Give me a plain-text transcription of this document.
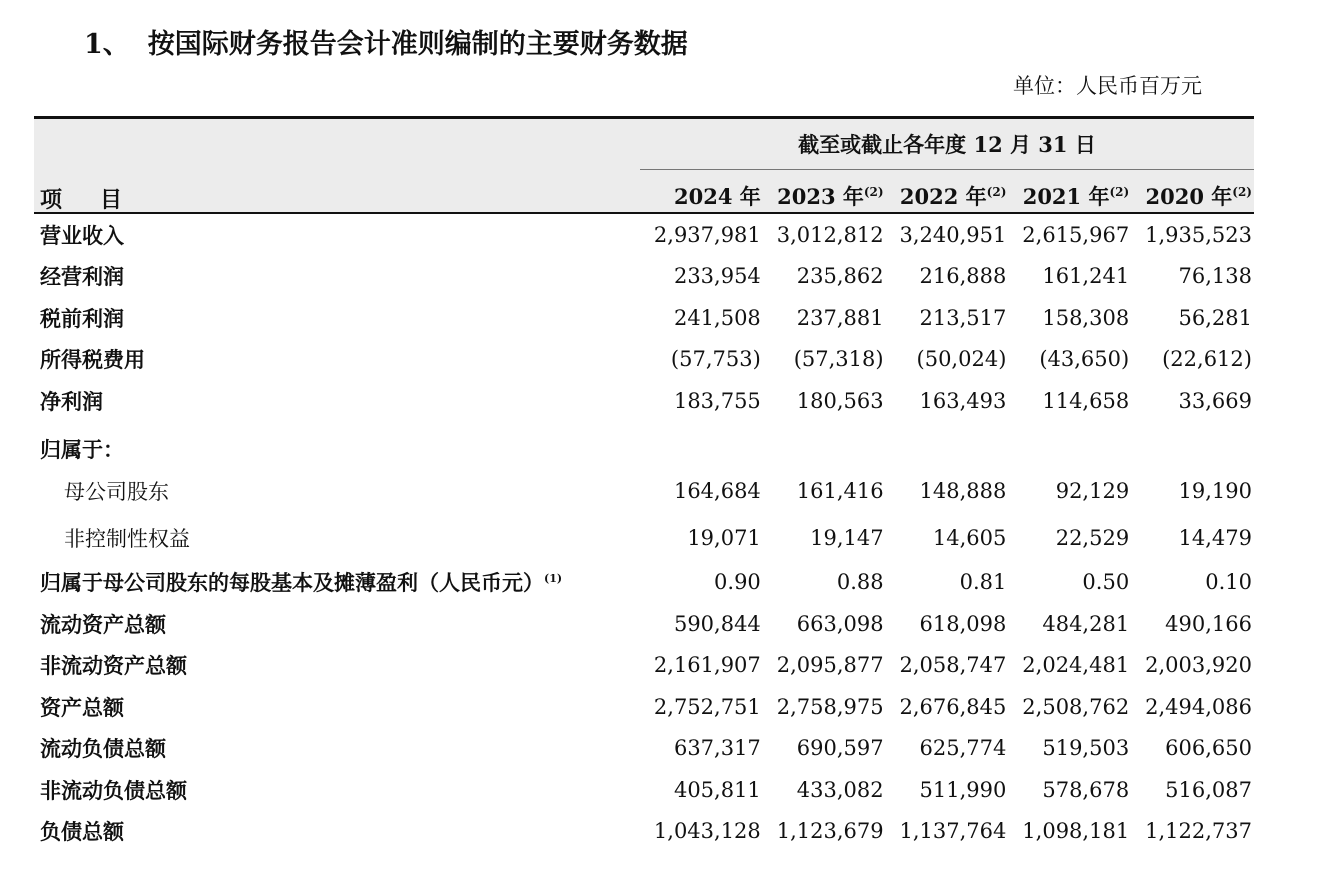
1、 按国际财务报告会计准则编制的主要财务数据
单位：人民币百万元
截至或截止各年度 12 月 31 日
项目	2024 年 2023 年$^{(2)}$ 2022 年$^{(2)}$ 2021 年$^{(2)}$ 2020 年$^{(2)}$
营业收入	2,937,981 3,012,812 3,240,951 2,615,967 1,935,523
经营利润	233,954	235,862	216,888	161,241	76,138
税前利润	241,508	237,881	213,517	158,308	56,281
所得税费用	(57,753)	(57,318)	(50,024)	(43,650)	(22,612)
净利润	183,755	180,563	163,493	114,658	33,669
归属于：
母公司股东	164,684	161,416	148,888	92,129	19,190
非控制性权益	19,071	19,147	14,605	22,529	14,479
归属于母公司股东的每股基本及摊薄盈利（人民币元）$^{(1)}$	0.90	0.88	0.81	0.50	0.10
流动资产总额	590,844	663,098	618,098	484,281	490,166
非流动资产总额	2,161,907 2,095,877 2,058,747 2,024,481 2,003,920
资产总额	2,752,751 2,758,975 2,676,845 2,508,762 2,494,086
流动负债总额	637,317	690,597	625,774	519,503	606,650
非流动负债总额	405,811	433,082	511,990	578,678	516,087
负债总额	1,043,128 1,123,679 1,137,764 1,098,181 1,122,737
